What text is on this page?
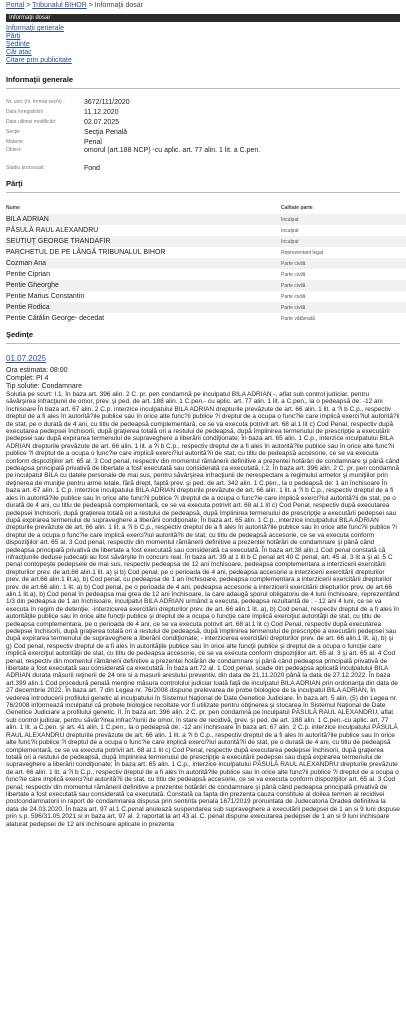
Portal > Tribunalul BIHOR > Informaţii dosar
Informaţii dosar
Informaţii generale
Părţi
Şedinţe
Căi atac
Citare prin publicitate
Informaţii generale
Nr. unic (nr. format vechi) :	3672/111/2020
Data înregistrării	11.12.2020
Data ultimei modificări:	02.07.2025
Secţie	Secţia Penală
Materie:	Penal
Obiect:	omorul (art.188 NCP) -cu aplic. art. 77 alin. 1 lit. a C.pen.
Stadiu procesual:	Fond
Părţi
Nume	Calitate parte
BILA ADRIAN	Inculpat
PĂSULĂ RAUL ALEXANDRU	Inculpat
SEUTIUŢ GEORGE TRANDAFIR	Inculpat
PARCHETUL DE PE LÂNGĂ TRIBUNALUL BIHOR	Reprezentant legal
Cozman Ana	Parte civilă
Pentie Ciprian	Parte civilă
Pentie Gheorghe	Parte civilă
Pentie Marius Constantin	Parte civilă
Pentie Rodica	Parte civilă
Pentie Cătălin George- decedat	Parte vătămată
Şedinţe
01.07.2025
Ora estimata: 08:00
Complet: PI 4
Tip solutie: Condamnare
Solutia pe scurt: I.1. În baza art. 396 alin. 2 C. pr. pen condamnă pe inculpatul BILA ADRIAN -, aflat sub control judiciar, pentru săvârşirea infracţiunii de omor, prev. şi ped. de art. 188 alin. 1 C.pen.- cu aplic. art. 77 alin. 1 lit. a C.pen., la o pedeapsă de: -12 ani închisoare În baza art. 67 alin. 2 C.p. interzice inculpatului BILA ADRIAN drepturile prevăzute de art. 66 alin. 1 lit. a ?i b C.p., respectiv dreptul de a fi ales în autorită?ile publice sau în orice alte func?ii publice ?i dreptul de a ocupa o func?ie care implică exerci?iul autorită?ii de stat, pe o durată de 4 ani, cu titlu de pedeapsă complementară, ce se va executa potrivit art. 68 al.1 lit c) Cod Penal, respectiv după executarea pedepsei închisorii, după graţierea totală ori a restului de pedeapsă, după împlinirea termenului de prescripţie a executării pedepsei sau după expirarea termenului de supraveghere a liberării condiţionate; În baza art. 65 alin. 1 C.p., interzice inculpatului BILA ADRIAN drepturile prevăzute de art. 66 alin. 1 lit. a ?i b C.p., respectiv dreptul de a fi ales în autorită?ile publice sau în orice alte func?ii publice ?i dreptul de a ocupa o func?ie care implică exerci?iul autorită?ii de stat, cu titlu de pedeapsă accesorie, ce se va executa conform dispoziţiilor art. 65 al. 3 Cod penal, respectiv din momentul rămânerii definitive a prezentei hotărâri de condamnare şi până când pedeapsa principală privativă de libertate a fost executată sau considerată ca executată. I.2. În baza art. 396 alin. 2 C. pr. pen condamnă pe inculpatul BILA cu datele personale de mai sus, pentru săvârşirea infracţiunii de nerespectare a regimului armelor şi muniţiilor prin deţinerea de muniţie pentru arme letale, fără drept, faptă prev. şi ped. de art. 342 alin. 1 C.pen., la o pedeapsă de: 1 an închisoare În baza art. 67 alin. 1 C.p. interzice inculpatului BILA ADRIAN drepturile prevăzute de art. 66 alin. 1 lit. a ?i b C.p., respectiv dreptul de a fi ales în autorită?ile publice sau în orice alte func?ii publice ?i dreptul de a ocupa o func?ie care implică exerci?iul autorită?ii de stat, pe o durată de 4 ani, cu titlu de pedeapsă complementară, ce se va executa potrivit art. 68 al.1 lit c) Cod Penal, respectiv după executarea pedepsei închisorii, după graţierea totală ori a restului de pedeapsă, după împlinirea termenului de prescripţie a executării pedepsei sau după expirarea termenului de supraveghere a liberării condiţionate; În baza art. 65 alin. 1 C.p., interzice inculpatului BILA ADRIAN drepturile prevăzute de art. 66 alin. 1 lit. a ?i b C.p., respectiv dreptul de a fi ales în autorită?ile publice sau în orice alte func?ii publice ?i dreptul de a ocupa o func?ie care implică exerci?iul autorită?ii de stat, cu titlu de pedeapsă accesorie, ce se va executa conform dispoziţiilor art. 65 al. 3 Cod penal, respectiv din momentul rămânerii definitive a prezentei hotărâri de condamnare şi până când pedeapsa principală privativă de libertate a fost executată sau considerată ca executată. În baza art.38 alin.1 Cod penal constată că infracţiunile deduse judecaţii au fost săvârşite în concurs real. În baza art. 39 al 1 lit b C penal art 40 C penal, art. 45 al. 3 lit a şi al. 5 C penal contopeşte pedepsele de mai sus, respectiv pedeapsa de 12 ani închisoare, pedeapsa complementara a interzicerii exercitării drepturilor prev. de art.66 alin.1 lit. a) şi b) Cod penal, pe o perioada de 4 ani, pedeapsa accesorie a interzicerii exercitării drepturilor prev. de art.66 alin.1 lit.a), b) Cod penal, cu pedeapsa de 1 an închisoare, pedeapsa complementara a interzicerii exercitării drepturilor prev. de art.66 alin. 1 lit. a) b) Cod penal, pe o perioada de 4 ani, pedeapsa accesorie a interzicerii exercitării drepturilor prev. de art.66 alin.1 lit.a), b) Cod penal în pedeapsa mai grea de 12 ani închisoare, la care adaugă sporul obligatoriu de 4 luni închisoare, reprezentând 1/3 din pedeapsa de 1 an închisoare, inculpatul BILA ADRIAN urmând a executa, pedeapsa rezultantă de : - 12 ani 4 luni, ce se va executa în regim de detenţie; -interzicerea exercitării drepturilor prev. de art. 66 alin.1 lit. a), b) Cod penal, respectiv dreptul de a fi ales în autorităţile publice sau în orice alte funcţii publice şi dreptul de a ocupa o funcţie care implică exerciţiul autorităţii de stat, cu titlu de pedeapsa complementara, pe o perioada de 4 ani, ce se va executa potrivit art. 68 al.1 lit c) Cod Penal, respectiv după executarea pedepsei închisorii, după graţierea totală ori a restului de pedeapsă, după împlinirea termenului de prescripţie a executării pedepsei sau după expirarea termenului de supraveghere a liberării condiţionate; - interzicerea exercitării drepturilor prev. de art. 66 alin.1 lit. a), b) şi g) Cod penal, respectiv dreptul de a fi ales în autorităţile publice sau în orice alte funcţii publice şi dreptul de a ocupa o funcţie care implică exerciţiul autorităţii de stat, cu titlu de pedeapsa accesorie, ce se va executa conform dispoziţiilor art. 65 al. 3 şi art. 65 al. 4 Cod penal, respectiv din momentul rămânerii definitive a prezentei hotărâri de condamnare şi până când pedeapsa principală privativă de libertate a fost executată sau considerată ca executată. În baza art.72 al. 1 Cod penal, scade din pedeapsa aplicată inculpatului BILA ADRIAN durata măsurii reţinerii de 24 ore si a masurii arestului preventiv, din data de 21.11.2020 până la data de 27.12.2022. În baza art.399 alin.1 Cod procedură penală menţine măsura controlului judiciar luată faţă de inculpatul BILA ADRIAN prin ordonanţa din data de 27 decembrie 2022. În baza art. 7 din Legea nr. 76/2008 dispune prelevarea de probe biologice de la inculpatul BILA ADRIAN, în vederea introducerii profilului genetic al inculpatului în Sistemul Naţional de Date Genetice Judiciare. În baza art. 5 alin. (5) din Legea nr. 76/2008 informează inculpatul că probele biologice recoltate vor fi utilizate pentru obţinerea şi stocarea în Sistemul Naţional de Date Genetice Judiciare a profilului genetic. II. În baza art. 396 alin. 2 C. pr. pen condamnă pe inculpatul PĂSULĂ RAUL ALEXANDRU, aflat sub control judiciar, pentru săvâr?irea infrac?iunii de omor, în stare de recidivă, prev. şi ped. de art. 188 alin. 1 C.pen.-cu aplic. art. 77 alin. 1 lit. a C.pen. şi art. 41 alin. 1 C.pen., la o pedeapsă de: -12 ani închisoare În baza art. 67 alin. 2 C.p. interzice inculpatului PĂSULĂ RAUL ALEXANDRU drepturile prevăzute de art. 66 alin. 1 lit. a ?i b C.p., respectiv dreptul de a fi ales în autorită?ile publice sau în orice alte func?ii publice ?i dreptul de a ocupa o func?ie care implică exerci?iul autorită?ii de stat, pe o durată de 4 ani, cu titlu de pedeapsă complementară, ce se va executa potrivit art. 68 al.1 lit c) Cod Penal, respectiv după executarea pedepsei închisorii, după graţierea totală ori a restului de pedeapsă, după împlinirea termenului de prescripţie a executării pedepsei sau după expirarea termenului de supraveghere a liberării condiţionate; În baza art. 65 alin. 1 C.p., interzice inculpatului PĂSULĂ RAUL ALEXANDRU drepturile prevăzute de art. 66 alin. 1 lit. a ?i b C.p., respectiv dreptul de a fi ales în autorită?ile publice sau în orice alte func?ii publice ?i dreptul de a ocupa o func?ie care implică exerci?iul autorită?ii de stat, cu titlu de pedeapsă accesorie, ce se va executa conform dispoziţiilor art. 65 al. 3 Cod penal, respectiv din momentul rămânerii definitive a prezentei hotărâri de condamnare şi până când pedeapsa principală privativă de libertate a fost executată sau considerată ca executată. Constată ca fapta din prezenta cauza constituie al doilea termen al recidivei postcondamnatorii in raport de condamnarea dispusa prin sentinta penala 1671/2019 pronuntata de Judecatoria Oradea definitiva la data de 24.03.2020. În baza art. 97 al.1 C.penal anulează suspendarea sub supraveghere a executării pedepsei de 1 an si 9 luni dispuse prin s.p. 596/31.05.2021 si in baza art. 97 al. 2 raportat la art 43 al. C. penal dispune executarea pedepsei de 1 an si 9 luni inchisoare alaturat pedepsei de 12 ani inchisoare aplicate in prezenta
